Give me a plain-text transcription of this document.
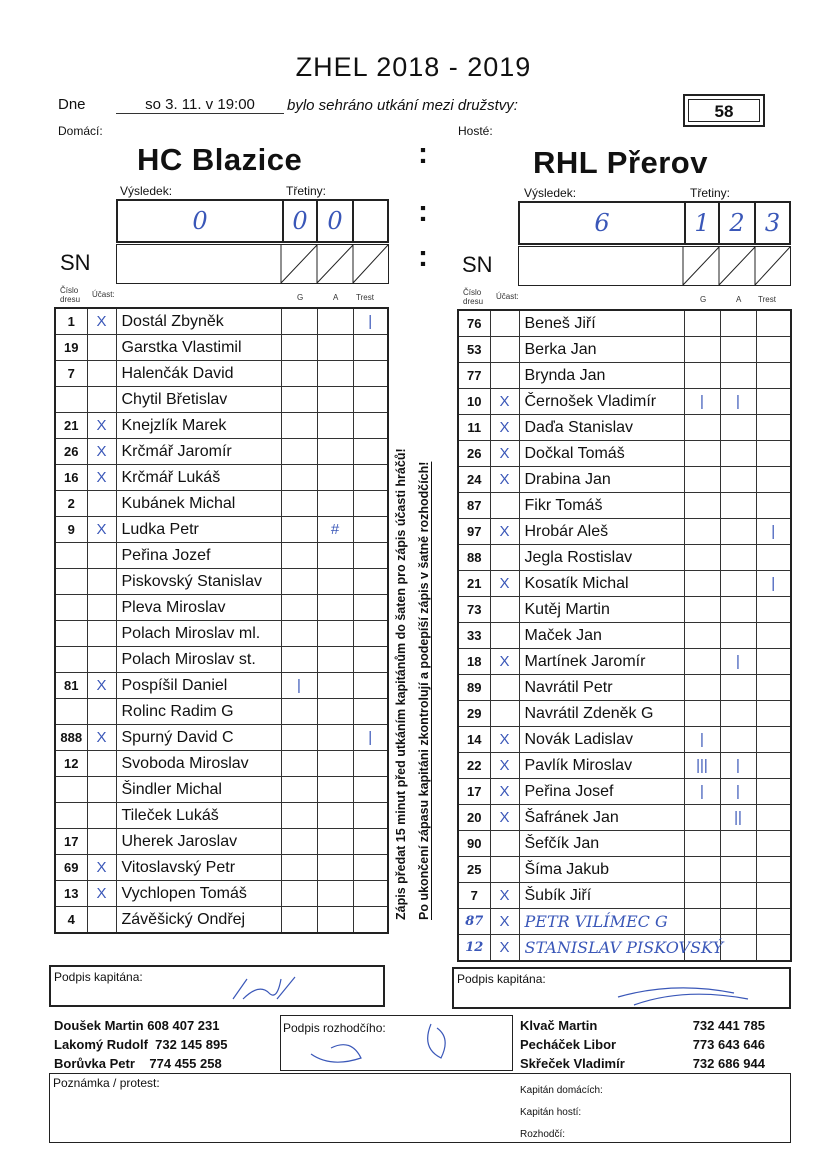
ZHEL 2018 - 2019
Dne	so 3. 11. v 19:00	bylo sehráno utkání mezi družstvy:	58
Domácí:	Hosté:
HC Blazice	:	RHL Přerov
Výsledek:	Třetiny:
0	0 0	:
Výsledek:	Třetiny:
6	1 2 3
SN	: SN
Číslo dresu
Účast:	G	A Trest
Číslo dresu
Účast:	G	A Trest
1	X	Dostál Zbyněk			|
19		Garstka Vlastimil			
7		Halenčák David			
		Chytil Břetislav			
21	X	Knejzlík Marek			
26	X	Krčmář Jaromír			
16	X	Krčmář Lukáš			
2		Kubánek Michal			
9	X	Ludka Petr		#	
		Peřina Jozef			
		Piskovský Stanislav			
		Pleva Miroslav			
		Polach Miroslav ml.			
		Polach Miroslav st.			
81	X	Pospíšil Daniel	|		
		Rolinc Radim G			
888	X	Spurný David C			|
12		Svoboda Miroslav			
		Šindler Michal			
		Tileček Lukáš			
17		Uherek Jaroslav			
69	X	Vitoslavský Petr			
13	X	Vychlopen Tomáš			
4		Závěšický Ondřej			
76		Beneš Jiří			
53		Berka Jan			
77		Brynda Jan			
10	X	Černošek Vladimír	|	|	
11	X	Daďa Stanislav			
26	X	Dočkal Tomáš			
24	X	Drabina Jan			
87		Fikr Tomáš			
97	X	Hrobár Aleš			|
88		Jegla Rostislav			
21	X	Kosatík Michal			|
73		Kutěj Martin			
33		Maček Jan			
18	X	Martínek Jaromír		|	
89		Navrátil Petr			
29		Navrátil Zdeněk G			
14	X	Novák Ladislav	|		
22	X	Pavlík Miroslav	|||	|	
17	X	Peřina Josef	|	|	
20	X	Šafránek Jan		||	
90		Šefčík Jan			
25		Šíma Jakub			
7	X	Šubík Jiří			
87	X	PETR VILÍMEC G			
12	X	STANISLAV PISKOVSKÝ			
Zápis předat 15 minut před utkáním kapitánům do šaten pro zápis účasti hráčů! Po ukončení zápasu kapitáni zkontrolují a podepíší zápis v šatně rozhodčích!
Podpis kapitána:	Podpis kapitána:
Doušek Martin 608 407 231
Lakomý Rudolf 732 145 895
Borůvka Petr 774 455 258
Podpis rozhodčího:	Klvač Martin	732 441 785
Pecháček Libor	773 643 646
Skřeček Vladimír	732 686 944
Poznámka / protest:
Kapitán domácích:
Kapitán hostí:
Rozhodčí:
